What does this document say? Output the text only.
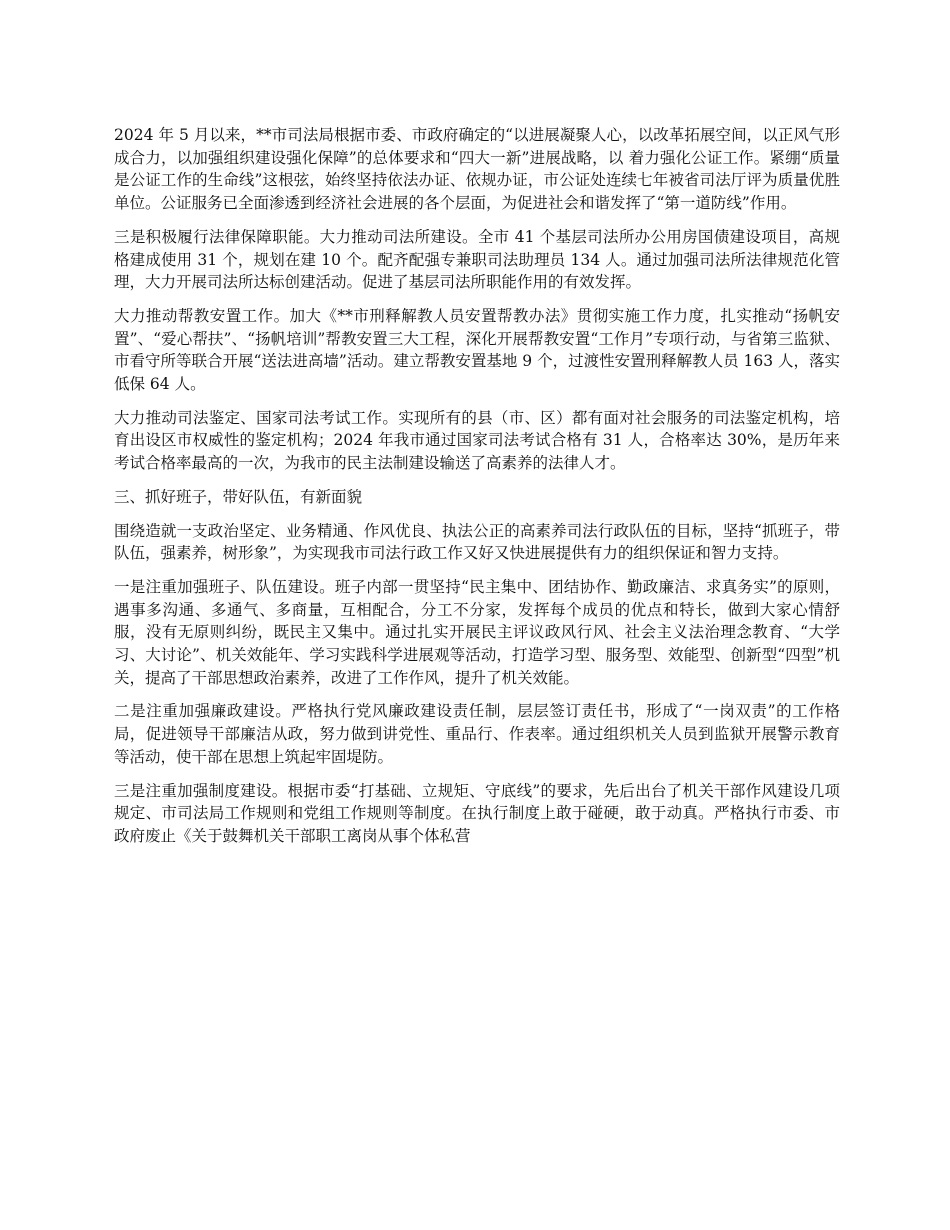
2024 年 5 月以来，**市司法局根据市委、市政府确定的“以进展凝聚人心，以改革拓展空间，以正风气形成合力，以加强组织建设强化保障”的总体要求和“四大一新”进展战略，以 着力强化公证工作。紧绷“质量是公证工作的生命线”这根弦，始终坚持依法办证、依规办证，市公证处连续七年被省司法厅评为质量优胜单位。公证服务已全面渗透到经济社会进展的各个层面，为促进社会和谐发挥了“第一道防线”作用。

三是积极履行法律保障职能。大力推动司法所建设。全市 41 个基层司法所办公用房国债建设项目，高规格建成使用 31 个，规划在建 10 个。配齐配强专兼职司法助理员 134 人。通过加强司法所法律规范化管理，大力开展司法所达标创建活动。促进了基层司法所职能作用的有效发挥。

大力推动帮教安置工作。加大《**市刑释解教人员安置帮教办法》贯彻实施工作力度，扎实推动“扬帆安置”、“爱心帮扶”、“扬帆培训”帮教安置三大工程，深化开展帮教安置“工作月”专项行动，与省第三监狱、市看守所等联合开展“送法进高墙”活动。建立帮教安置基地 9 个，过渡性安置刑释解教人员 163 人，落实低保 64 人。

大力推动司法鉴定、国家司法考试工作。实现所有的县（市、区）都有面对社会服务的司法鉴定机构，培育出设区市权威性的鉴定机构；2024 年我市通过国家司法考试合格有 31 人，合格率达 30%，是历年来考试合格率最高的一次，为我市的民主法制建设输送了高素养的法律人才。

三、抓好班子，带好队伍，有新面貌

围绕造就一支政治坚定、业务精通、作风优良、执法公正的高素养司法行政队伍的目标，坚持“抓班子，带队伍，强素养，树形象”，为实现我市司法行政工作又好又快进展提供有力的组织保证和智力支持。

一是注重加强班子、队伍建设。班子内部一贯坚持“民主集中、团结协作、勤政廉洁、求真务实”的原则，遇事多沟通、多通气、多商量，互相配合，分工不分家，发挥每个成员的优点和特长，做到大家心情舒服，没有无原则纠纷，既民主又集中。通过扎实开展民主评议政风行风、社会主义法治理念教育、“大学习、大讨论”、机关效能年、学习实践科学进展观等活动，打造学习型、服务型、效能型、创新型“四型”机关，提高了干部思想政治素养，改进了工作作风，提升了机关效能。

二是注重加强廉政建设。严格执行党风廉政建设责任制，层层签订责任书，形成了“一岗双责”的工作格局，促进领导干部廉洁从政，努力做到讲党性、重品行、作表率。通过组织机关人员到监狱开展警示教育等活动，使干部在思想上筑起牢固堤防。

三是注重加强制度建设。根据市委“打基础、立规矩、守底线”的要求，先后出台了机关干部作风建设几项规定、市司法局工作规则和党组工作规则等制度。在执行制度上敢于碰硬，敢于动真。严格执行市委、市政府废止《关于鼓舞机关干部职工离岗从事个体私营
